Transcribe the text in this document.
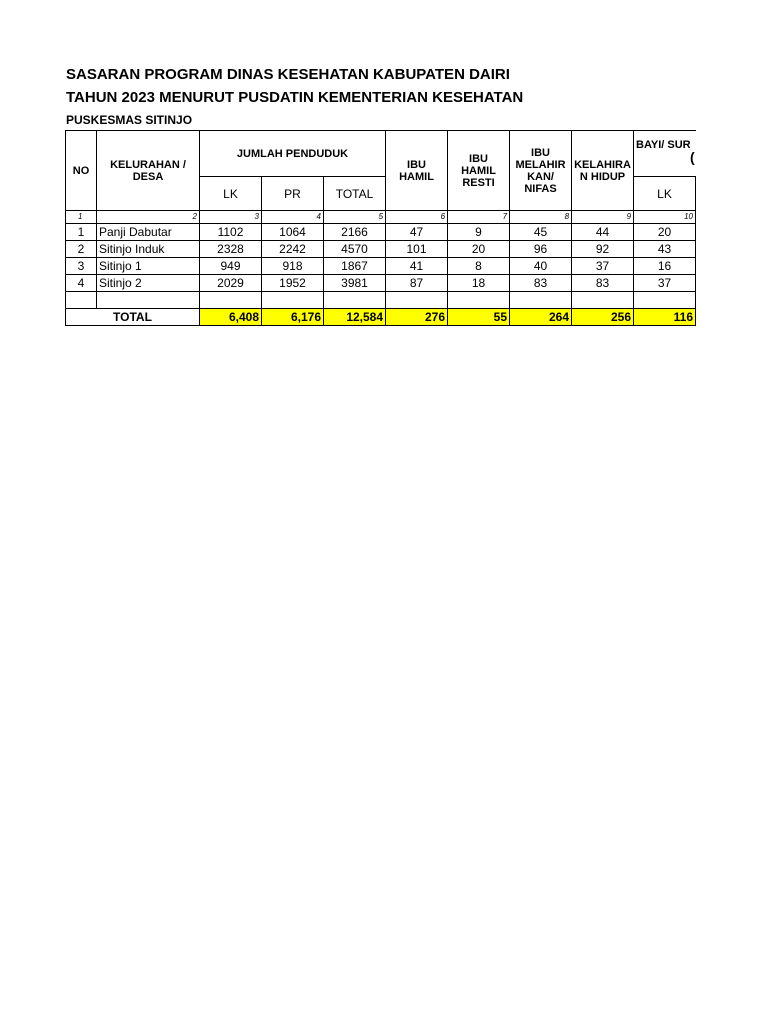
SASARAN PROGRAM DINAS KESEHATAN KABUPATEN DAIRI
TAHUN 2023 MENURUT PUSDATIN KEMENTERIAN KESEHATAN
PUSKESMAS SITINJO
NO	KELURAHAN / DESA	JUMLAH PENDUDUK			IBU HAMIL	IBU HAMIL RESTI	IBU MELAHIR KAN/ NIFAS	KELAHIRA N HIDUP	BAYI/ SUR	
		LK	PR	TOTAL					LK	
1	2	3	4	5	6	7	8	9	10	
1	Panji Dabutar	1102	1064	2166	47	9	45	44	20	
2	Sitinjo Induk	2328	2242	4570	101	20	96	92	43	
3	Sitinjo 1	949	918	1867	41	8	40	37	16	
4	Sitinjo 2	2029	1952	3981	87	18	83	83	37	

TOTAL		6,408	6,176	12,584	276	55	264	256	116	
(
